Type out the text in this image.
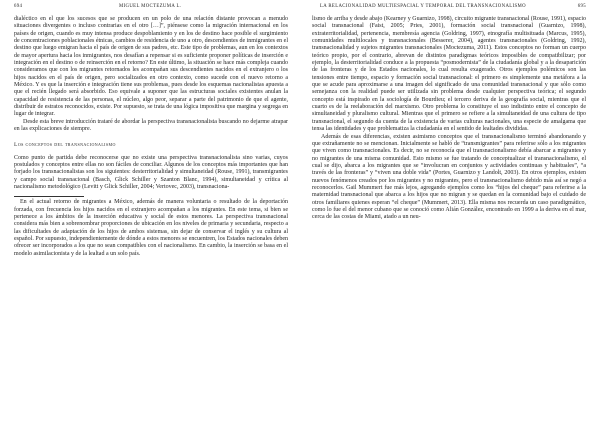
694	MIGUEL MOCTEZUMA L.

dialéctico en el que los sucesos que se producen en un polo de una relación distante provocan a menudo situaciones divergentes o incluso contrarias en el otro […]”, piénsese como la migración internacional en los países de origen, cuando es muy intensa produce despoblamiento y en los de destino hace posible el surgimiento de concentraciones poblacionales étnicas, cambios de residencia de uno a otro, descendientes de inmigrantes en el destino que luego emigran hacia el país de origen de sus padres, etc. Este tipo de problemas, aun en los contextos de mayor apertura hacia los inmigrantes, nos desafían a repensar si es suficiente proponer políticas de inserción e integración en el destino o de reinserción en el retorno? En este último, la situación se hace más compleja cuando consideramos que con los migrantes retornados les acompañan sus descendientes nacidos en el extranjero o los hijos nacidos en el país de origen, pero socializados en otro contexto, como sucede con el nuevo retorno a México. Y es que la inserción e integración tiene sus problemas, pues desde los esquemas nacionalistas apuesta a que el recién llegado será absorbido. Eso equivale a suponer que las estructuras sociales existentes anulan la capacidad de resistencia de las personas, el núcleo, algo peor, separar a parte del patrimonio de que el agente, distribuir de estratos reconocidos, existe. Por supuesto, se trata de una lógica impositiva que margina y segrega en lugar de integrar.

Desde esta breve introducción trataré de abordar la perspectiva transnacionalista buscando no dejarme atrapar en las explicaciones de siempre.

Los conceptos del transnacionalismo

Como punto de partida debe reconocerse que no existe una perspectiva transnacionalista sino varias, cuyos postulados y conceptos entre ellas no son fáciles de conciliar. Algunos de los conceptos más importantes que han forjado los transnacionalistas son los siguientes: desterritorialidad y simultaneidad (Rouse, 1991), transmigrantes y campo social transnacional (Basch, Glick Schiller y Szanton Blanc, 1994), simultaneidad y crítica al nacionalismo metodológico (Levitt y Glick Schiller, 2004; Vertovec, 2003), transnaciona-

En el actual retorno de migrantes a México, además de manera voluntaria o resultado de la deportación forzada, con frecuencia los hijos nacidos en el extranjero acompañan a los migrantes. En este tema, si bien se pertenece a los ámbitos de la inserción educativa y social de estos menores. La perspectiva transnacional considera más bien a sobrenombrar proporciones de ubicación en los niveles de primaria y secundaria, respecto a las dificultades de adaptación de los hijos de ambos sistemas, sin dejar de conservar el inglés y su cultura al español. Por supuesto, independientemente de dónde a estos menores se encuentren, los Estados nacionales deben ofrecer ser incorporados a los que no sean compatibles con el nacionalismo. En cambio, la inserción se basa en el modelo asimilacionista y de la lealtad a un solo país.

LA RELACIONALIDAD MULTIESPACIAL Y TEMPORAL DEL TRANSNACIONALISMO	695

lismo de arriba y desde abajo (Kearney y Guarnizo, 1998), circuito migrante transnacional (Rouse, 1991), espacio social transnacional (Faist, 2005; Pries, 2001), formación social transnacional (Guarnizo, 1998), extraterritorialidad, pertenencia, membresía agencia (Goldring, 1997), etnografía multisituada (Marcus, 1995), comunidades multilocales y transnacionales (Besserer, 2004), agentes transnacionales (Goldring, 1992), transnacionalidad y sujetos migrantes transnacionales (Moctezuma, 2011). Estos conceptos no forman un cuerpo teórico propio, por el contrario, abrevan de distintos paradigmas teóricos imposibles de compatibilizar; por ejemplo, la desterritorialidad conduce a la propuesta “posmodernista” de la ciudadanía global y a la desaparición de las fronteras y de los Estados nacionales, lo cual resulta exagerado. Otros ejemplos polémicos son las tensiones entre tiempo, espacio y formación social transnacional: el primero es simplemente una metáfora a la que se acude para aproximarse a una imagen del significado de una comunidad transnacional y que sólo como semejanza con la realidad puede ser utilizada sin problema desde cualquier perspectiva teórica; el segundo concepto está inspirado en la sociología de Bourdieu; el tercero deriva de la geografía social, mientras que el cuarto es de la reelaboración del marxismo. Otro problema lo constituye el uso indistinto entre el concepto de simultaneidad y pluralismo cultural. Mientras que el primero se refiere a la simultaneidad de una cultura de tipo transnacional, el segundo da cuenta de la existencia de varias culturas nacionales, una especie de amalgama que tensa las identidades y que problematiza la ciudadanía en el sentido de lealtades divididas.

Además de esas diferencias, existen asimismo conceptos que el transnacionalismo terminó abandonando y que extrañamente no se mencionan. Inicialmente se habló de “transmigrantes” para referirse sólo a los migrantes que viven como transnacionales. Es decir, no se reconocía que el transnacionalismo debía abarcar a migrantes y no migrantes de una misma comunidad. Esto mismo se fue tratando de conceptualizar el transnacionalismo, el cual se dijo, abarca a los migrantes que se “involucran en conjuntos y actividades continuas y habituales”, “a través de las fronteras” y “viven una doble vida” (Portes, Guarnizo y Landolt, 2003). En otros ejemplos, existen nuevos fenómenos creados por los migrantes y no migrantes, pero el transnacionalismo debido más así se negó a reconocerlos. Gail Mummert fue más lejos, agregando ejemplos como los “hijos del cheque” para referirse a la maternidad transnacional que abarca a los hijos que no migran y se quedan en la comunidad bajo el cuidado de otros familiares quienes esperan “el cheque” (Mummert, 2013). Ella misma nos recuerda un caso paradigmático, como lo fue el del menor cubano que se conoció como Alián González, encontrado en 1999 a la deriva en el mar, cerca de las costas de Miami, atado a un neu-
